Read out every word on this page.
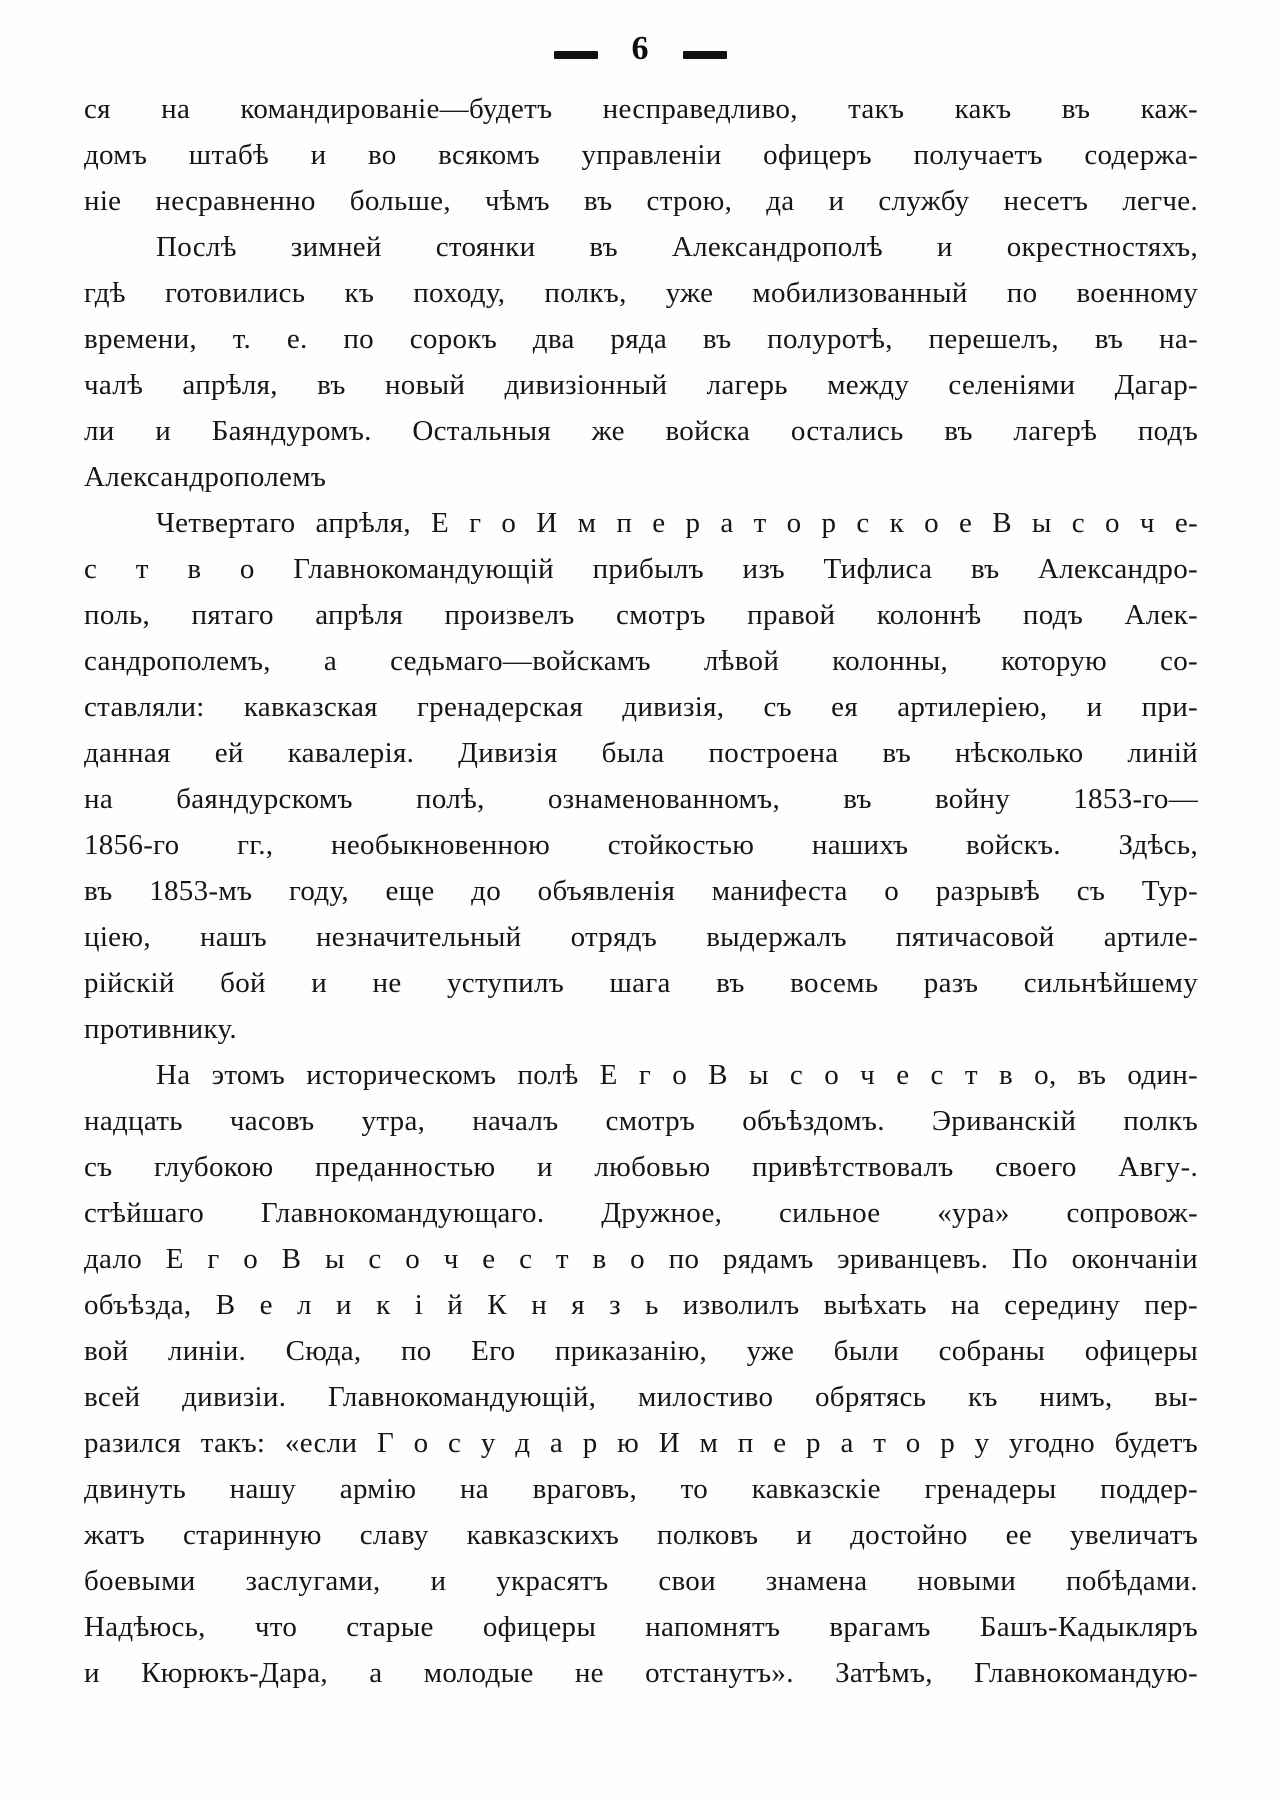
6
ся на командированіе—будетъ несправедливо, такъ какъ въ каж-
домъ штабѣ и во всякомъ управленіи офицеръ получаетъ содержа-
ніе несравненно больше, чѣмъ въ строю, да и службу несетъ легче.
Послѣ зимней стоянки въ Александрополѣ и окрестностяхъ,
гдѣ готовились къ походу, полкъ, уже мобилизованный по военному
времени, т. е. по сорокъ два ряда въ полуротѣ, перешелъ, въ на-
чалѣ апрѣля, въ новый дивизіонный лагерь между селеніями Дагар-
ли и Баяндуромъ. Остальныя же войска остались въ лагерѣ подъ
Александрополемъ
Четвертаго апрѣля, Е г о И м п е р а т о р с к о е В ы с о ч е-
с т в о Главнокомандующій прибылъ изъ Тифлиса въ Александро-
поль, пятаго апрѣля произвелъ смотръ правой колоннѣ подъ Алек-
сандрополемъ, а седьмаго—войскамъ лѣвой колонны, которую со-
ставляли: кавказская гренадерская дивизія, съ ея артилеріею, и при-
данная ей кавалерія. Дивизія была построена въ нѣсколько линій
на баяндурскомъ полѣ, ознаменованномъ, въ войну 1853-го—
1856-го гг., необыкновенною стойкостью нашихъ войскъ. Здѣсь,
въ 1853-мъ году, еще до объявленія манифеста о разрывѣ съ Тур-
ціею, нашъ незначительный отрядъ выдержалъ пятичасовой артиле-
рійскій бой и не уступилъ шага въ восемь разъ сильнѣйшему
противнику.
На этомъ историческомъ полѣ Е г о В ы с о ч е с т в о, въ один-
надцать часовъ утра, началъ смотръ объѣздомъ. Эриванскій полкъ
съ глубокою преданностью и любовью привѣтствовалъ своего Авгу-.
стѣйшаго Главнокомандующаго. Дружное, сильное «ура» сопровож-
дало Е г о В ы с о ч е с т в о по рядамъ эриванцевъ. По окончаніи
объѣзда, В е л и к і й К н я з ь изволилъ выѣхать на середину пер-
вой линіи. Сюда, по Его приказанію, уже были собраны офицеры
всей дивизіи. Главнокомандующій, милостиво обрятясь къ нимъ, вы-
разился такъ: «если Г о с у д а р ю И м п е р а т о р у угодно будетъ
двинуть нашу армію на враговъ, то кавказскіе гренадеры поддер-
жатъ старинную славу кавказскихъ полковъ и достойно ее увеличатъ
боевыми заслугами, и украсятъ свои знамена новыми побѣдами.
Надѣюсь, что старые офицеры напомнятъ врагамъ Башъ-Кадыкляръ
и Кюрюкъ-Дара, а молодые не отстанутъ». Затѣмъ, Главнокомандую-
